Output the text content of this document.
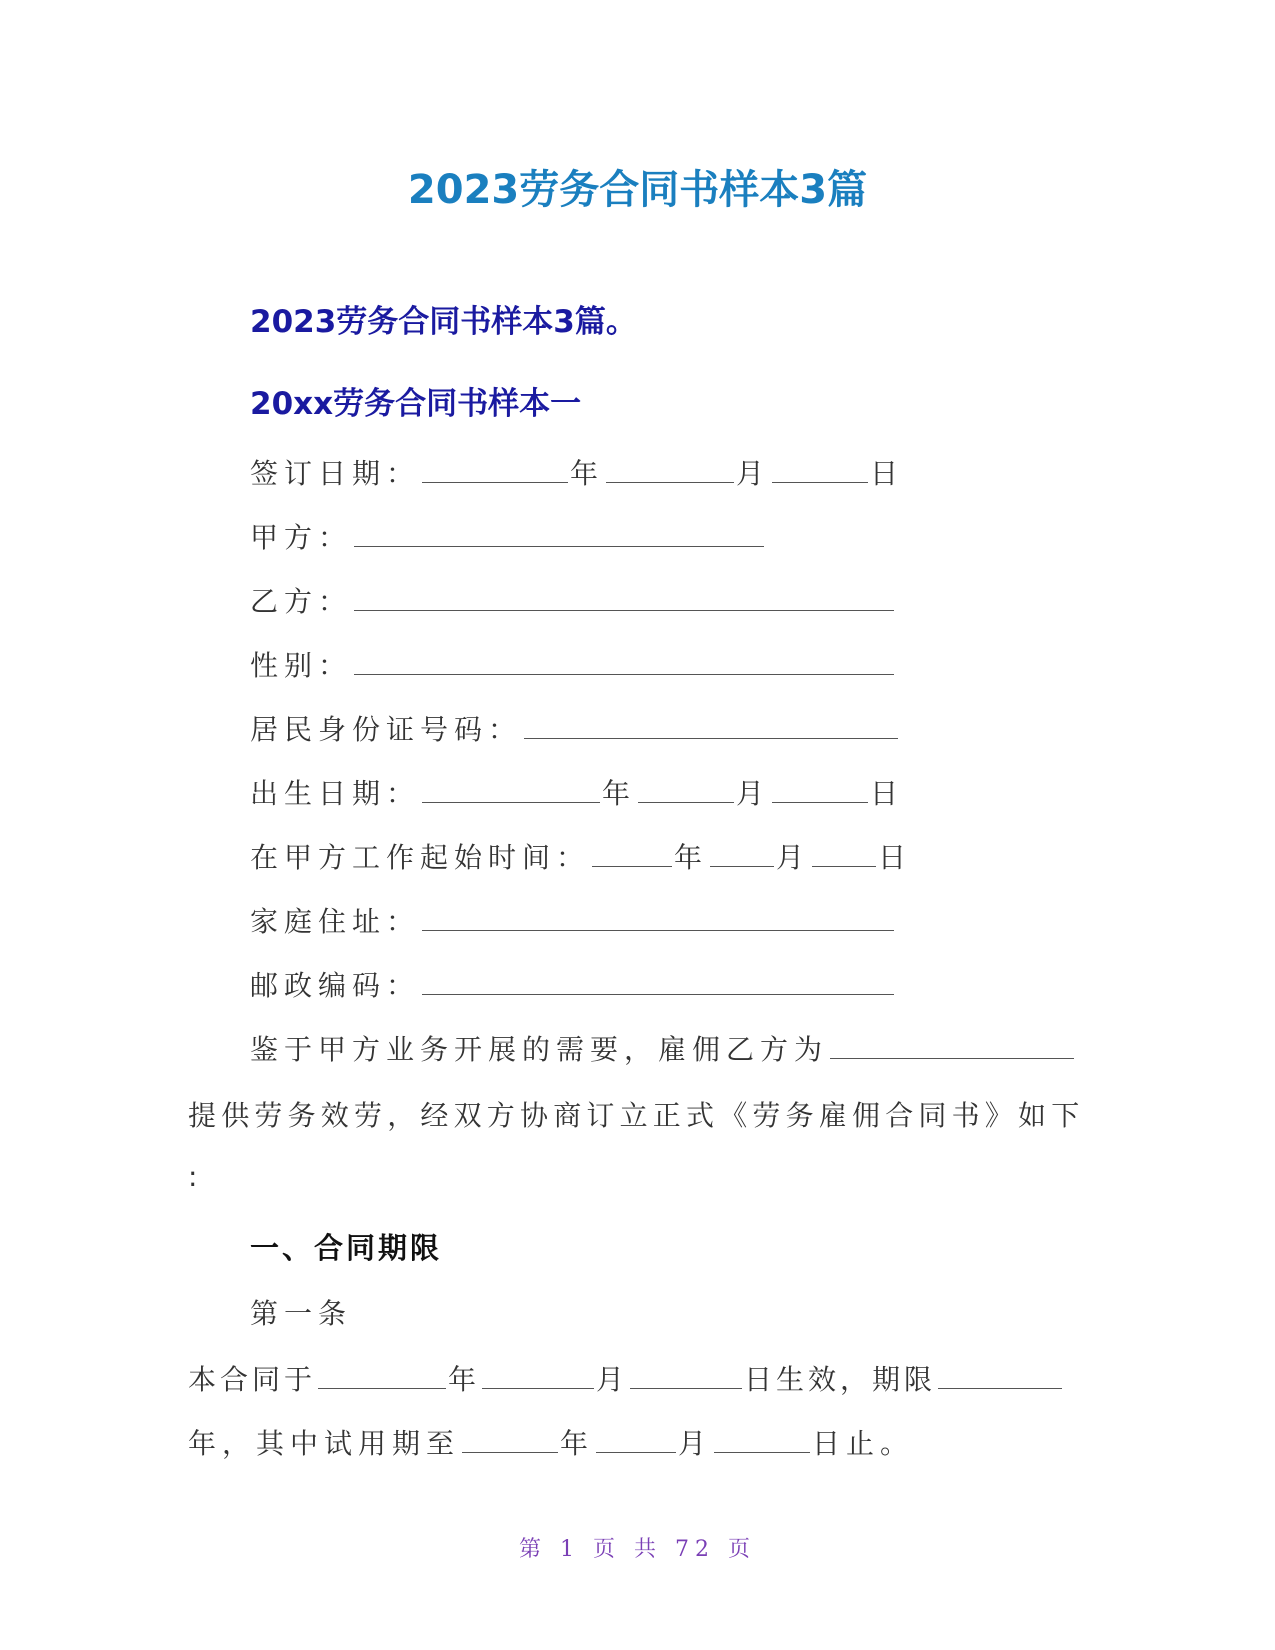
2023劳务合同书样本3篇
2023劳务合同书样本3篇。
20xx劳务合同书样本一
签订日期：	年	月	日
甲方：
乙方：
性别：
居民身份证号码：
出生日期：	年	月	日
在甲方工作起始时间：	年 月 日
家庭住址：
邮政编码：
鉴于甲方业务开展的需要，雇佣乙方为
提供劳务效劳，经双方协商订立正式《劳务雇佣合同书》如下
:
一、合同期限
第一条
本合同于	年	月	日生效，期限
年，其中试用期至	年	月	日止。
第 1 页 共 72 页
